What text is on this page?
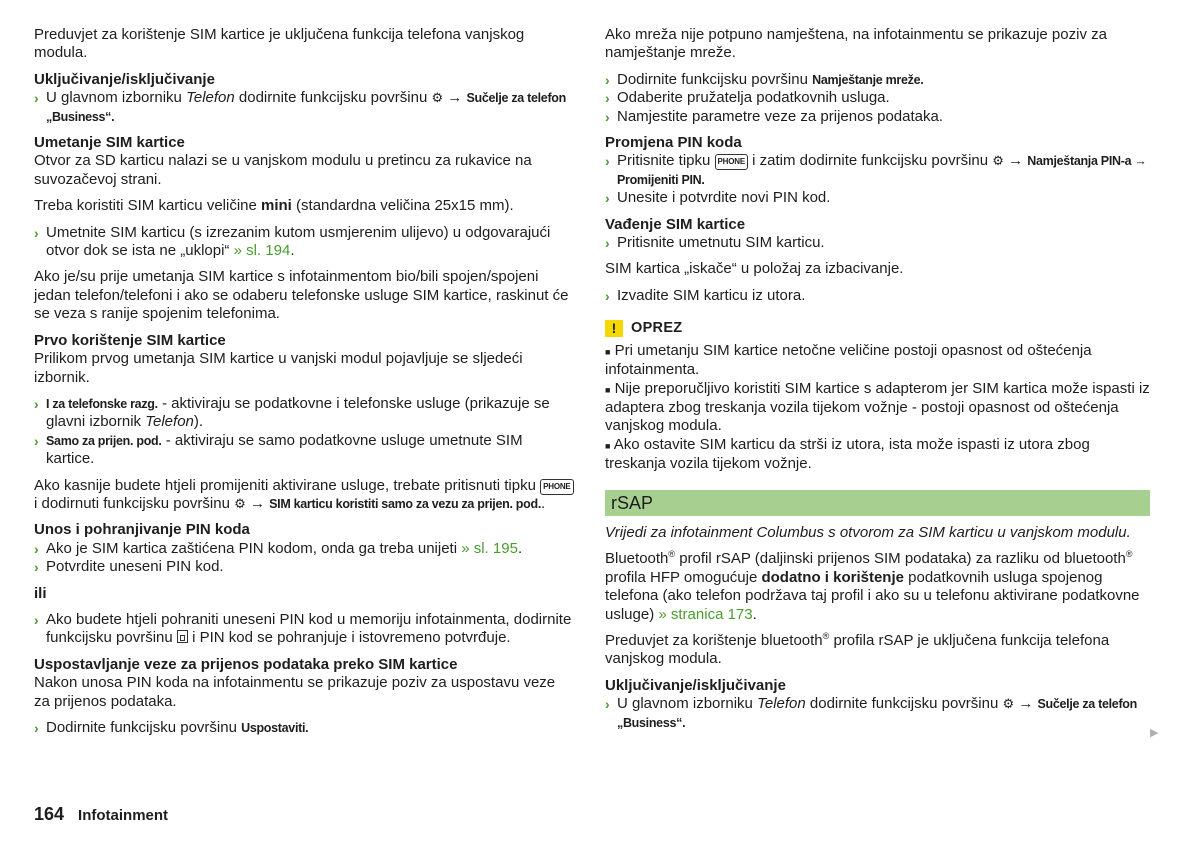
Preduvjet za korištenje SIM kartice je uključena funkcija telefona vanjskog modula.

Uključivanje/isključivanje

› U glavnom izborniku Telefon dodirnite funkcijsku površinu ⚙ → Sučelje za telefon „Business“.

Umetanje SIM kartice

Otvor za SD karticu nalazi se u vanjskom modulu u pretincu za rukavice na suvozačevoj strani.

Treba koristiti SIM karticu veličine mini (standardna veličina 25x15 mm).

› Umetnite SIM karticu (s izrezanim kutom usmjerenim ulijevo) u odgovarajući otvor dok se ista ne „uklopi“ » sl. 194.

Ako je/su prije umetanja SIM kartice s infotainmentom bio/bili spojen/spojeni jedan telefon/telefoni i ako se odaberu telefonske usluge SIM kartice, raskinut će se veza s ranije spojenim telefonima.

Prvo korištenje SIM kartice

Prilikom prvog umetanja SIM kartice u vanjski modul pojavljuje se sljedeći izbornik.

› I za telefonske razg. - aktiviraju se podatkovne i telefonske usluge (prikazuje se glavni izbornik Telefon).

› Samo za prijen. pod. - aktiviraju se samo podatkovne usluge umetnute SIM kartice.

Ako kasnije budete htjeli promijeniti aktivirane usluge, trebate pritisnuti tipku PHONE i dodirnuti funkcijsku površinu ⚙ → SIM karticu koristiti samo za vezu za prijen. pod..

Unos i pohranjivanje PIN koda

› Ako je SIM kartica zaštićena PIN kodom, onda ga treba unijeti » sl. 195.

› Potvrdite uneseni PIN kod.

ili

› Ako budete htjeli pohraniti uneseni PIN kod u memoriju infotainmenta, dodirnite funkcijsku površinu  i PIN kod se pohranjuje i istovremeno potvrđuje.

Uspostavljanje veze za prijenos podataka preko SIM kartice

Nakon unosa PIN koda na infotainmentu se prikazuje poziv za uspostavu veze za prijenos podataka.

› Dodirnite funkcijsku površinu Uspostaviti.

Ako mreža nije potpuno namještena, na infotainmentu se prikazuje poziv za namještanje mreže.

› Dodirnite funkcijsku površinu Namještanje mreže.

› Odaberite pružatelja podatkovnih usluga.

› Namjestite parametre veze za prijenos podataka.

Promjena PIN koda

› Pritisnite tipku PHONE i zatim dodirnite funkcijsku površinu ⚙ → Namještanja PIN-a → Promijeniti PIN.

› Unesite i potvrdite novi PIN kod.

Vađenje SIM kartice

› Pritisnite umetnutu SIM karticu.

SIM kartica „iskače“ u položaj za izbacivanje.

› Izvadite SIM karticu iz utora.

!	OPREZ

■ Pri umetanju SIM kartice netočne veličine postoji opasnost od oštećenja infotainmenta.

■ Nije preporučljivo koristiti SIM kartice s adapterom jer SIM kartica može ispasti iz adaptera zbog treskanja vozila tijekom vožnje - postoji opasnost od oštećenja vanjskog modula.

■ Ako ostavite SIM karticu da strši iz utora, ista može ispasti iz utora zbog treskanja vozila tijekom vožnje.

rSAP

Vrijedi za infotainment Columbus s otvorom za SIM karticu u vanjskom modulu.

Bluetooth® profil rSAP (daljinski prijenos SIM podataka) za razliku od bluetooth® profila HFP omogućuje dodatno i korištenje podatkovnih usluga spojenog telefona (ako telefon podržava taj profil i ako su u telefonu aktivirane podatkovne usluge) » stranica 173.

Preduvjet za korištenje bluetooth® profila rSAP je uključena funkcija telefona vanjskog modula.

Uključivanje/isključivanje

› U glavnom izborniku Telefon dodirnite funkcijsku površinu ⚙ → Sučelje za telefon „Business“.

▶
164 Infotainment
